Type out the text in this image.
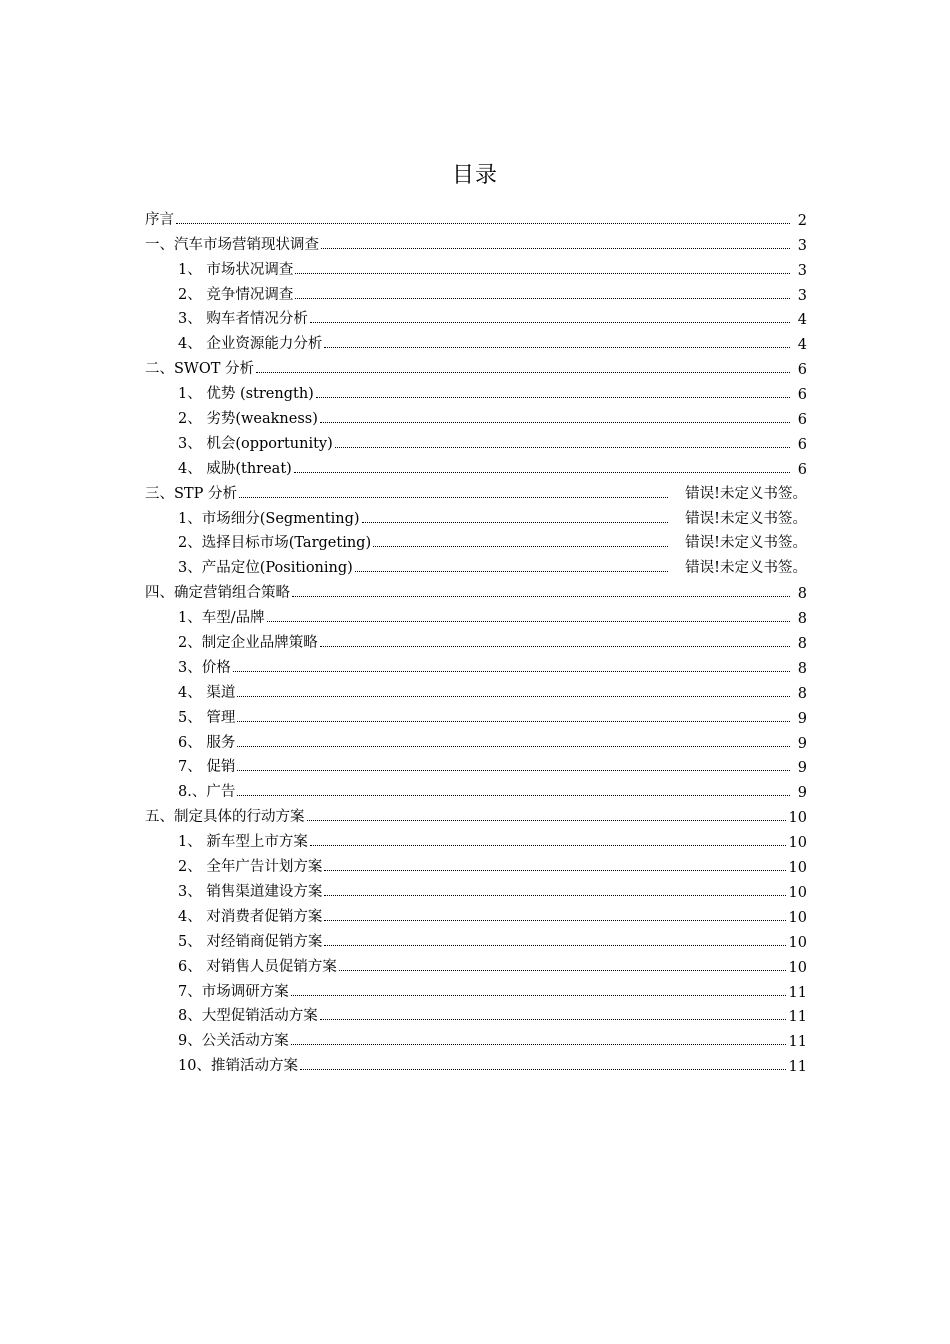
目录
序言	2
一、汽车市场营销现状调查	3
1、 市场状况调查	3
2、 竞争情况调查	3
3、 购车者情况分析	4
4、 企业资源能力分析	4
二、SWOT 分析	6
1、 优势 (strength)	6
2、 劣势(weakness)	6
3、 机会(opportunity)	6
4、 威胁(threat)	6
三、STP 分析	错误!未定义书签。
1、市场细分(Segmenting)	错误!未定义书签。
2、选择目标市场(Targeting)	错误!未定义书签。
3、产品定位(Positioning)	错误!未定义书签。
四、确定营销组合策略	8
1、车型/品牌	8
2、制定企业品牌策略	8
3、价格	8
4、 渠道	8
5、 管理	9
6、 服务	9
7、 促销	9
8.、广告	9
五、制定具体的行动方案	10
1、 新车型上市方案	10
2、 全年广告计划方案	10
3、 销售渠道建设方案	10
4、 对消费者促销方案	10
5、 对经销商促销方案	10
6、 对销售人员促销方案	10
7、市场调研方案	11
8、大型促销活动方案	11
9、公关活动方案	11
10、推销活动方案	11
